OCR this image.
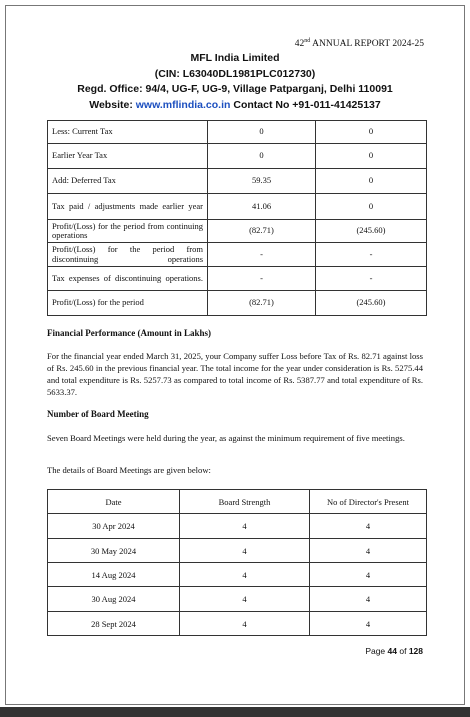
42nd ANNUAL REPORT 2024-25
MFL India Limited
(CIN: L63040DL1981PLC012730)
Regd. Office: 94/4, UG-F, UG-9, Village Patparganj, Delhi 110091
Website: www.mflindia.co.in Contact No +91-011-41425137
Less: Current Tax	0	0
Earlier Year Tax	0	0
Add: Deferred Tax	59.35	0
Tax paid / adjustments made earlier year	41.06	0
Profit/(Loss) for the period from continuing operations	(82.71)	(245.60)
Profit/(Loss) for the period from discontinuing operations	-	-
Tax expenses of discontinuing operations.	-	-
Profit/(Loss) for the period	(82.71)	(245.60)
Financial Performance (Amount in Lakhs)
For the financial year ended March 31, 2025, your Company suffer Loss before Tax of Rs. 82.71 against loss of Rs. 245.60 in the previous financial year. The total income for the year under consideration is Rs. 5275.44 and total expenditure is Rs. 5257.73 as compared to total income of Rs. 5387.77 and total expenditure of Rs. 5633.37.
Number of Board Meeting
Seven Board Meetings were held during the year, as against the minimum requirement of five meetings.
The details of Board Meetings are given below:
Date	Board Strength	No of Director's Present
30 Apr 2024	4	4
30 May 2024	4	4
14 Aug 2024	4	4
30 Aug 2024	4	4
28 Sept 2024	4	4
Page 44 of 128
